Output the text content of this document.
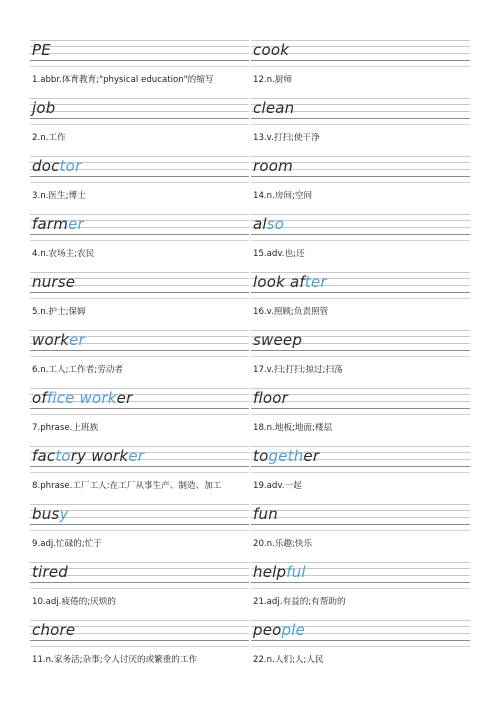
PE
1.abbr.体育教育;"physical education"的缩写
cook
12.n.厨师
job
2.n.工作
clean
13.v.打扫;使干净
doctor
3.n.医生;博士
room
14.n.房间;空间
farmer
4.n.农场主;农民
also
15.adv.也;还
nurse
5.n.护士;保姆
look after
16.v.照顾;负责照管
worker
6.n.工人;工作者;劳动者
sweep
17.v.扫;打扫;掠过;扫荡
office worker
7.phrase.上班族
floor
18.n.地板;地面;楼层
factory worker
8.phrase.工厂工人:在工厂从事生产、制造、加工
together
19.adv.一起
busy
9.adj.忙碌的;忙于
fun
20.n.乐趣;快乐
tired
10.adj.疲倦的;厌烦的
helpful
21.adj.有益的;有帮助的
chore
11.n.家务活;杂事;令人讨厌的或繁重的工作
people
22.n.人们;人;人民
